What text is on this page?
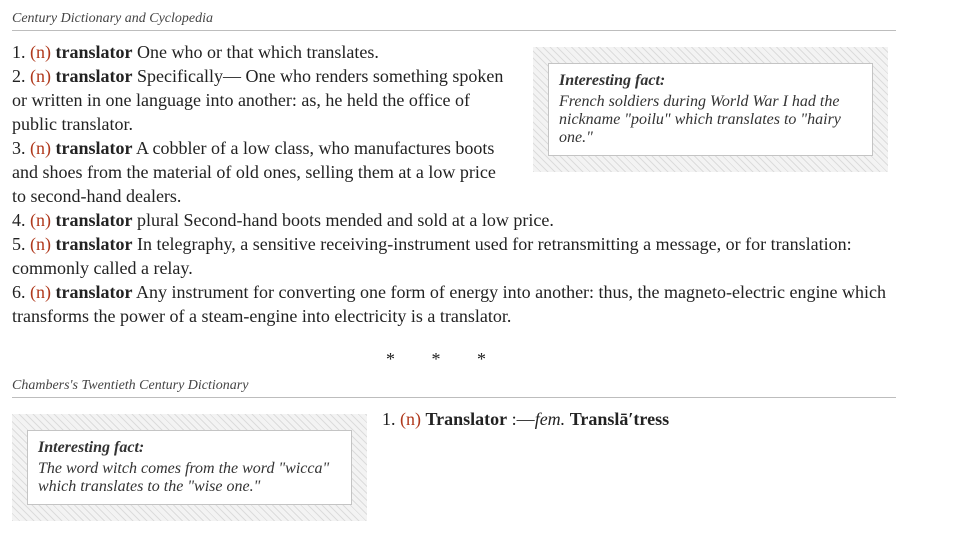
Century Dictionary and Cyclopedia
Interesting fact:
French soldiers during World War I had the nickname "poilu" which translates to "hairy one."
1. (n) translator One who or that which translates.
2. (n) translator Specifically— One who renders something spoken or written in one language into another: as, he held the office of public translator.
3. (n) translator A cobbler of a low class, who manufactures boots and shoes from the material of old ones, selling them at a low price to second-hand dealers.
4. (n) translator plural Second-hand boots mended and sold at a low price.
5. (n) translator In telegraphy, a sensitive receiving-instrument used for retransmitting a message, or for translation: commonly called a relay.
6. (n) translator Any instrument for converting one form of energy into another: thus, the magneto-electric engine which transforms the power of a steam-engine into electricity is a translator.
* * *
Chambers's Twentieth Century Dictionary
Interesting fact:
The word witch comes from the word "wicca" which translates to the "wise one."
1. (n) Translator :—fem. Translā′tress
